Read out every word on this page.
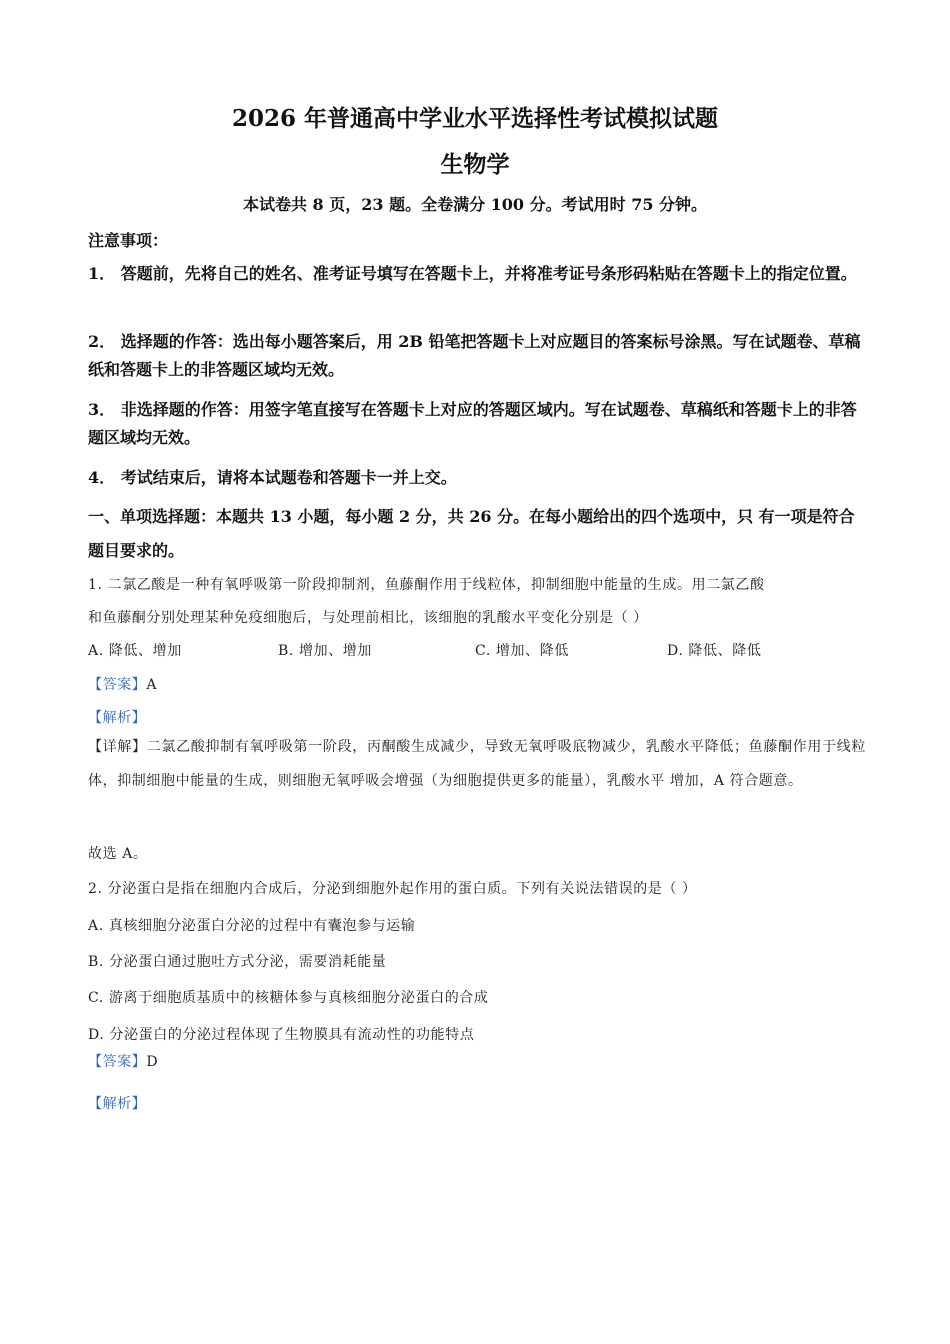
2026 年普通高中学业水平选择性考试模拟试题
生物学
本试卷共 8 页，23 题。全卷满分 100 分。考试用时 75 分钟。
注意事项：
1． 答题前，先将自己的姓名、准考证号填写在答题卡上，并将准考证号条形码粘贴在答题卡上的指定位置。
2． 选择题的作答：选出每小题答案后，用 2B 铅笔把答题卡上对应题目的答案标号涂黑。写在试题卷、草稿纸和答题卡上的非答题区域均无效。
3． 非选择题的作答：用签字笔直接写在答题卡上对应的答题区域内。写在试题卷、草稿纸和答题卡上的非答题区域均无效。
4． 考试结束后，请将本试题卷和答题卡一并上交。
一、单项选择题：本题共 13 小题，每小题 2 分，共 26 分。在每小题给出的四个选项中，只 有一项是符合题目要求的。
1. 二氯乙酸是一种有氧呼吸第一阶段抑制剂，鱼藤酮作用于线粒体，抑制细胞中能量的生成。用二氯乙酸
和鱼藤酮分别处理某种免疫细胞后，与处理前相比，该细胞的乳酸水平变化分别是（ ）
A. 降低、增加	B. 增加、增加	C. 增加、降低	D. 降低、降低
【答案】A
【解析】
【详解】二氯乙酸抑制有氧呼吸第一阶段，丙酮酸生成减少，导致无氧呼吸底物减少，乳酸水平降低；鱼藤酮作用于线粒体，抑制细胞中能量的生成，则细胞无氧呼吸会增强（为细胞提供更多的能量），乳酸水平 增加，A 符合题意。
故选 A。
2. 分泌蛋白是指在细胞内合成后，分泌到细胞外起作用的蛋白质。下列有关说法错误的是（ ）
A. 真核细胞分泌蛋白分泌的过程中有囊泡参与运输
B. 分泌蛋白通过胞吐方式分泌，需要消耗能量
C. 游离于细胞质基质中的核糖体参与真核细胞分泌蛋白的合成
D. 分泌蛋白的分泌过程体现了生物膜具有流动性的功能特点
【答案】D
【解析】
